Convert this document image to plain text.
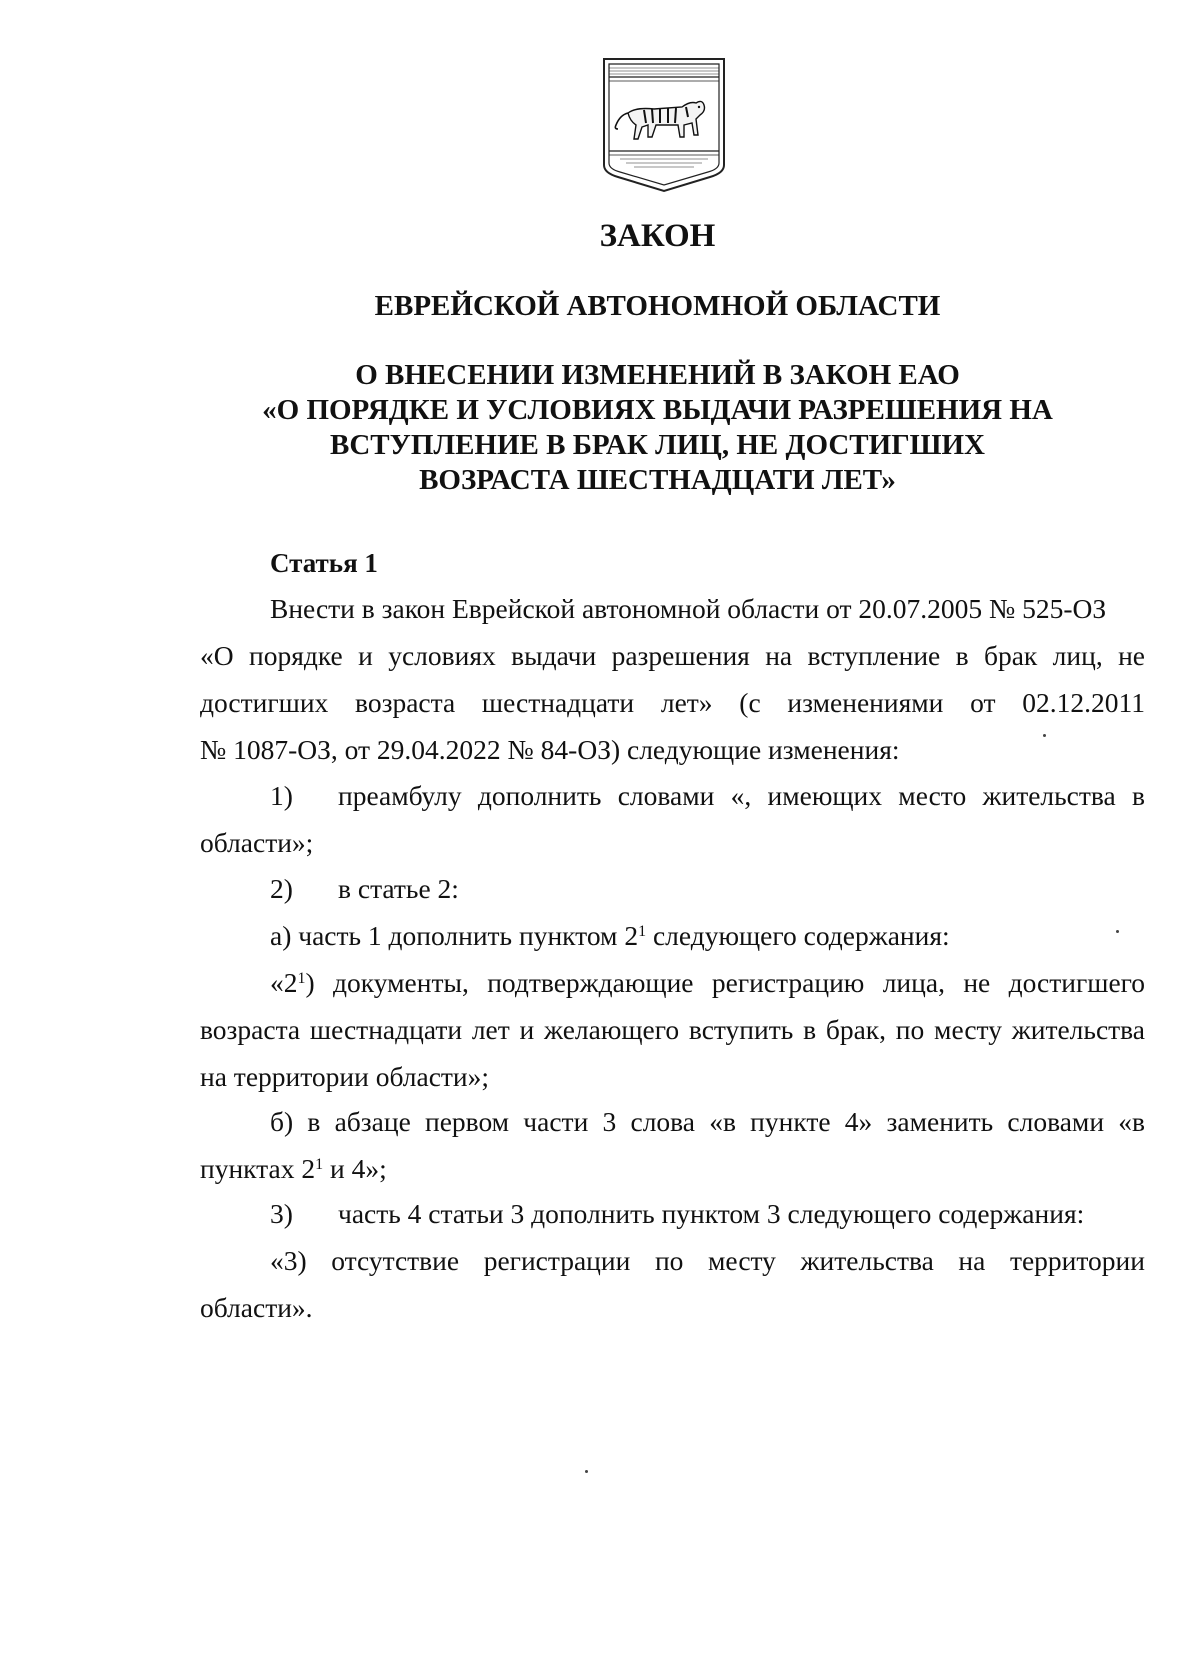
ЗАКОН
ЕВРЕЙСКОЙ АВТОНОМНОЙ ОБЛАСТИ
О ВНЕСЕНИИ ИЗМЕНЕНИЙ В ЗАКОН ЕАО
«О ПОРЯДКЕ И УСЛОВИЯХ ВЫДАЧИ РАЗРЕШЕНИЯ НА
ВСТУПЛЕНИЕ В БРАК ЛИЦ, НЕ ДОСТИГШИХ
ВОЗРАСТА ШЕСТНАДЦАТИ ЛЕТ»
Статья 1
Внести в закон Еврейской автономной области от 20.07.2005 № 525-ОЗ
«О порядке и условиях выдачи разрешения на вступление в брак лиц, не
достигших возраста шестнадцати лет» (с изменениями от 02.12.2011
№ 1087-ОЗ, от 29.04.2022 № 84-ОЗ) следующие изменения:
1) преамбулу дополнить словами «, имеющих место жительства в
области»;
2) в статье 2:
а) часть 1 дополнить пунктом $2^1$ следующего содержания:
«$2^1$) документы, подтверждающие регистрацию лица, не достигшего
возраста шестнадцати лет и желающего вступить в брак, по месту жительства
на территории области»;
б) в абзаце первом части 3 слова «в пункте 4» заменить словами «в
пунктах $2^1$ и 4»;
3) часть 4 статьи 3 дополнить пунктом 3 следующего содержания:
«3) отсутствие регистрации по месту жительства на территории
области».
